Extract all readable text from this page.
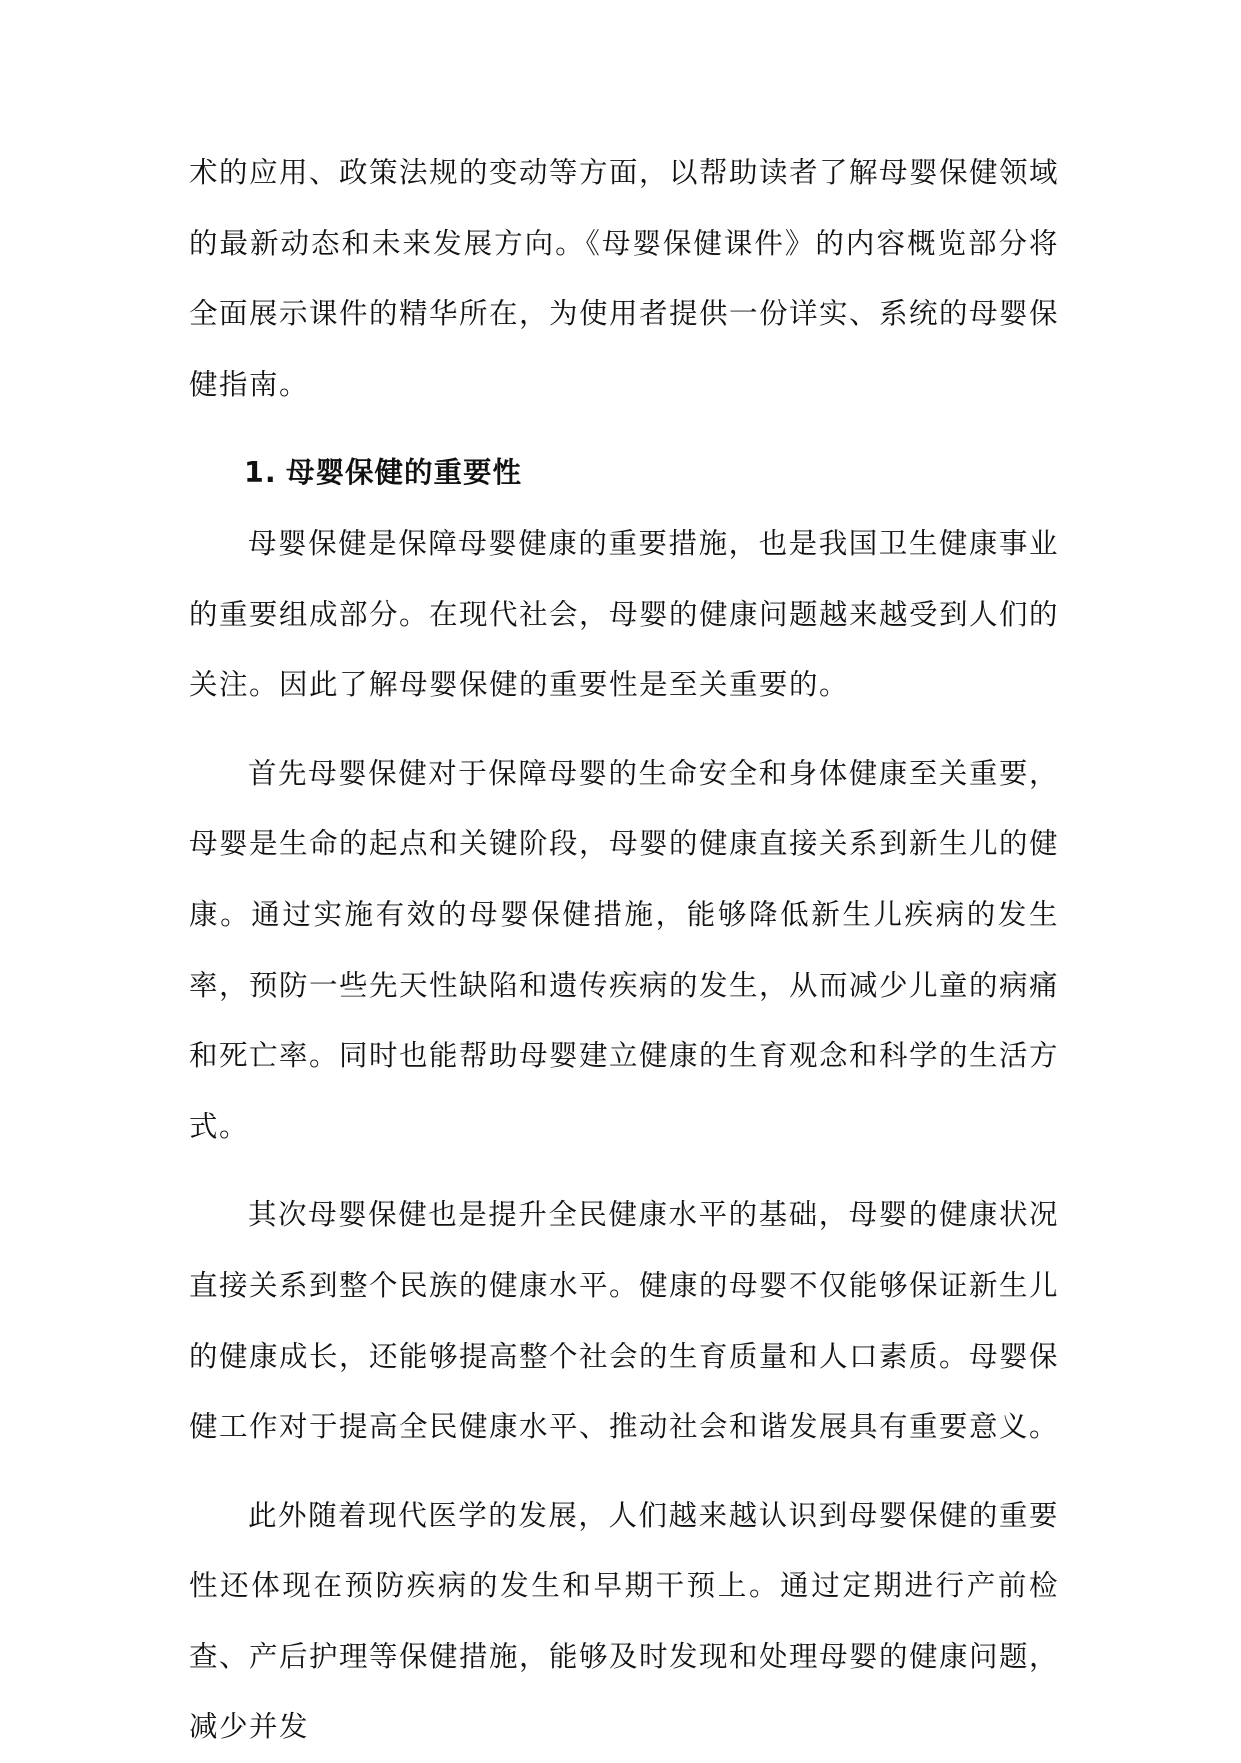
术的应用、政策法规的变动等方面，以帮助读者了解母婴保健领域的最新动态和未来发展方向。《母婴保健课件》的内容概览部分将全面展示课件的精华所在，为使用者提供一份详实、系统的母婴保健指南。

1. 母婴保健的重要性

母婴保健是保障母婴健康的重要措施，也是我国卫生健康事业的重要组成部分。在现代社会，母婴的健康问题越来越受到人们的关注。因此了解母婴保健的重要性是至关重要的。

首先母婴保健对于保障母婴的生命安全和身体健康至关重要，母婴是生命的起点和关键阶段，母婴的健康直接关系到新生儿的健康。通过实施有效的母婴保健措施，能够降低新生儿疾病的发生率，预防一些先天性缺陷和遗传疾病的发生，从而减少儿童的病痛和死亡率。同时也能帮助母婴建立健康的生育观念和科学的生活方式。

其次母婴保健也是提升全民健康水平的基础，母婴的健康状况直接关系到整个民族的健康水平。健康的母婴不仅能够保证新生儿的健康成长，还能够提高整个社会的生育质量和人口素质。母婴保健工作对于提高全民健康水平、推动社会和谐发展具有重要意义。

此外随着现代医学的发展，人们越来越认识到母婴保健的重要性还体现在预防疾病的发生和早期干预上。通过定期进行产前检查、产后护理等保健措施，能够及时发现和处理母婴的健康问题，减少并发
